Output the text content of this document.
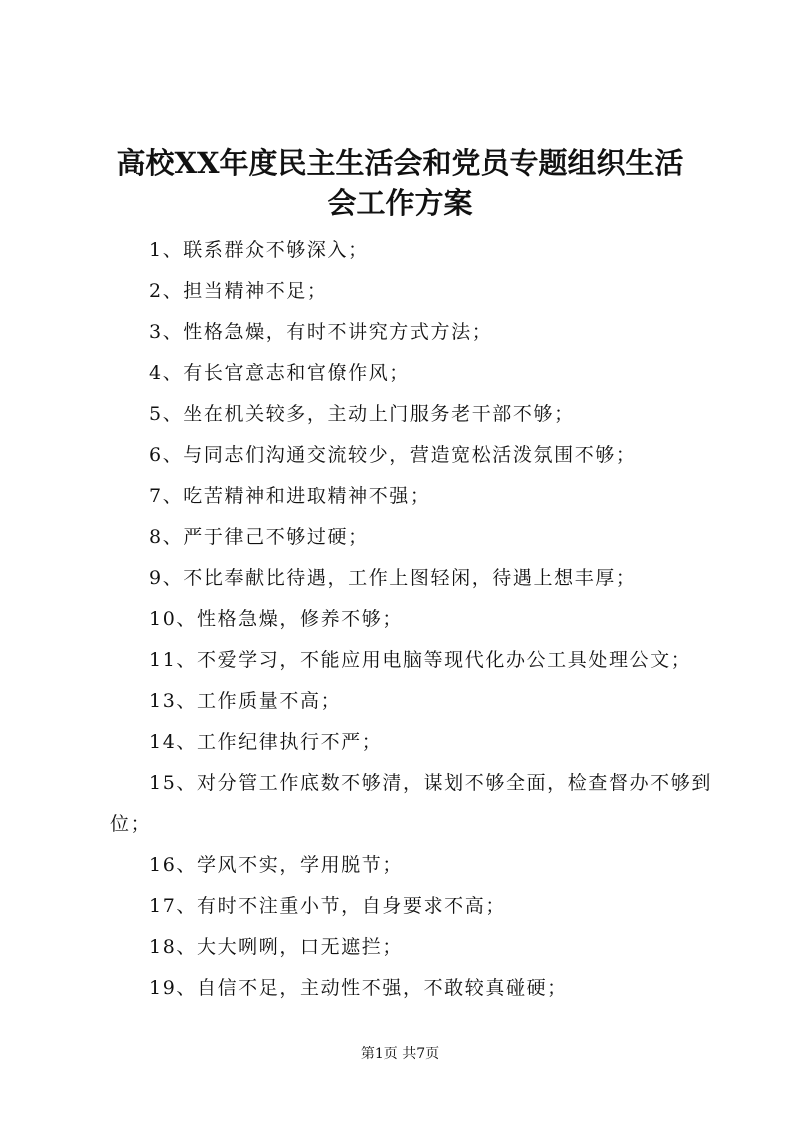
高校XX年度民主生活会和党员专题组织生活
会工作方案
1、联系群众不够深入；
2、担当精神不足；
3、性格急燥，有时不讲究方式方法；
4、有长官意志和官僚作风；
5、坐在机关较多，主动上门服务老干部不够；
6、与同志们沟通交流较少，营造宽松活泼氛围不够；
7、吃苦精神和进取精神不强；
8、严于律己不够过硬；
9、不比奉献比待遇，工作上图轻闲，待遇上想丰厚；
10、性格急燥，修养不够；
11、不爱学习，不能应用电脑等现代化办公工具处理公文；
13、工作质量不高；
14、工作纪律执行不严；
15、对分管工作底数不够清，谋划不够全面，检查督办不够到位；
16、学风不实，学用脱节；
17、有时不注重小节，自身要求不高；
18、大大咧咧，口无遮拦；
19、自信不足，主动性不强，不敢较真碰硬；
第1页 共7页
